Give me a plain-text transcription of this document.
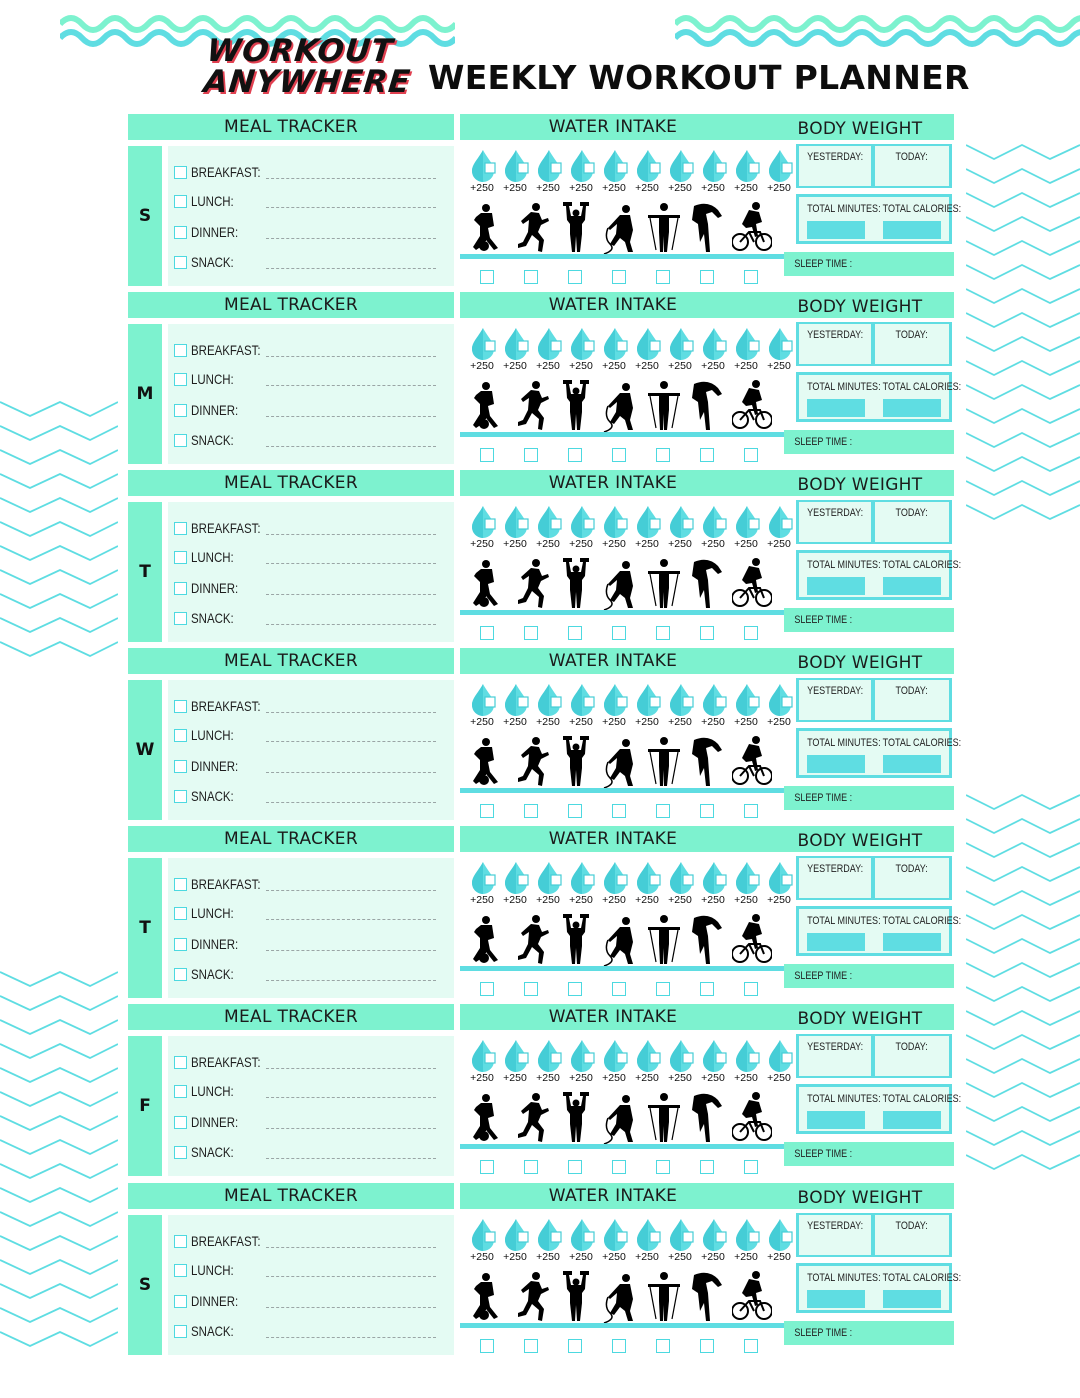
WORKOUT
ANYWHERE WEEKLY WORKOUT PLANNER
MEAL TRACKER	WATER INTAKE	BODY WEIGHT
S
BREAKFAST:
LUNCH:
DINNER:
SNACK:
+250 +250 +250 +250 +250 +250 +250 +250 +250 +250
YESTERDAY:	TODAY:
TOTAL MINUTES: TOTAL CALORIES:
SLEEP TIME :
MEAL TRACKER	WATER INTAKE	BODY WEIGHT
M
BREAKFAST:
LUNCH:
DINNER:
SNACK:
+250 +250 +250 +250 +250 +250 +250 +250 +250 +250
YESTERDAY:	TODAY:
TOTAL MINUTES: TOTAL CALORIES:
SLEEP TIME :
MEAL TRACKER	WATER INTAKE	BODY WEIGHT
T
BREAKFAST:
LUNCH:
DINNER:
SNACK:
+250 +250 +250 +250 +250 +250 +250 +250 +250 +250
YESTERDAY:	TODAY:
TOTAL MINUTES: TOTAL CALORIES:
SLEEP TIME :
MEAL TRACKER	WATER INTAKE	BODY WEIGHT
W
BREAKFAST:
LUNCH:
DINNER:
SNACK:
+250 +250 +250 +250 +250 +250 +250 +250 +250 +250
YESTERDAY:	TODAY:
TOTAL MINUTES: TOTAL CALORIES:
SLEEP TIME :
MEAL TRACKER	WATER INTAKE	BODY WEIGHT
T
BREAKFAST:
LUNCH:
DINNER:
SNACK:
+250 +250 +250 +250 +250 +250 +250 +250 +250 +250
YESTERDAY:	TODAY:
TOTAL MINUTES: TOTAL CALORIES:
SLEEP TIME :
MEAL TRACKER	WATER INTAKE	BODY WEIGHT
F
BREAKFAST:
LUNCH:
DINNER:
SNACK:
+250 +250 +250 +250 +250 +250 +250 +250 +250 +250
YESTERDAY:	TODAY:
TOTAL MINUTES: TOTAL CALORIES:
SLEEP TIME :
MEAL TRACKER	WATER INTAKE	BODY WEIGHT
S
BREAKFAST:
LUNCH:
DINNER:
SNACK:
+250 +250 +250 +250 +250 +250 +250 +250 +250 +250
YESTERDAY:	TODAY:
TOTAL MINUTES: TOTAL CALORIES:
SLEEP TIME :
